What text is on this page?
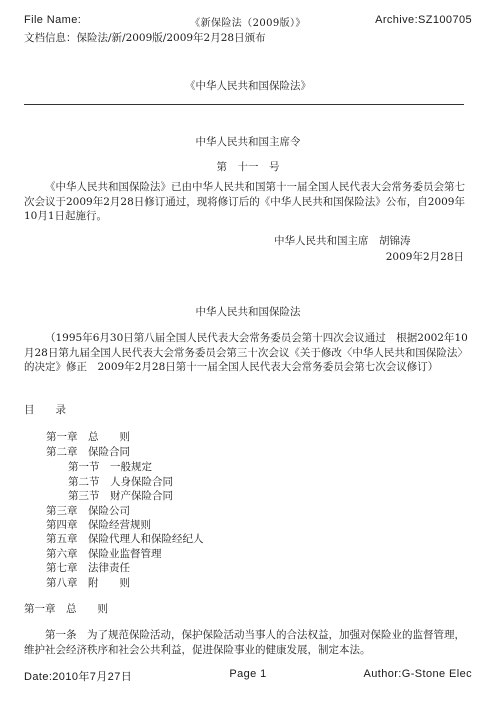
File Name:	《新保险法（2009版）》	Archive:SZ100705
文档信息：保险法/新/2009版/2009年2月28日颁布
《中华人民共和国保险法》
中华人民共和国主席令
第　十一　号
《中华人民共和国保险法》已由中华人民共和国第十一届全国人民代表大会常务委员会第七次会议于2009年2月28日修订通过，现将修订后的《中华人民共和国保险法》公布，自2009年10月1日起施行。
中华人民共和国主席　胡锦涛
2009年2月28日
中华人民共和国保险法
（1995年6月30日第八届全国人民代表大会常务委员会第十四次会议通过　根据2002年10月28日第九届全国人民代表大会常务委员会第三十次会议《关于修改〈中华人民共和国保险法〉的决定》修正　2009年2月28日第十一届全国人民代表大会常务委员会第七次会议修订）
目　　录
第一章　总　　则
第二章　保险合同
第一节　一般规定
第二节　人身保险合同
第三节　财产保险合同
第三章　保险公司
第四章　保险经营规则
第五章　保险代理人和保险经纪人
第六章　保险业监督管理
第七章　法律责任
第八章　附　　则
第一章　总　　则
第一条　为了规范保险活动，保护保险活动当事人的合法权益，加强对保险业的监督管理，维护社会经济秩序和社会公共利益，促进保险事业的健康发展，制定本法。
Date:2010年7月27日	Page 1	Author:G-Stone Elec
